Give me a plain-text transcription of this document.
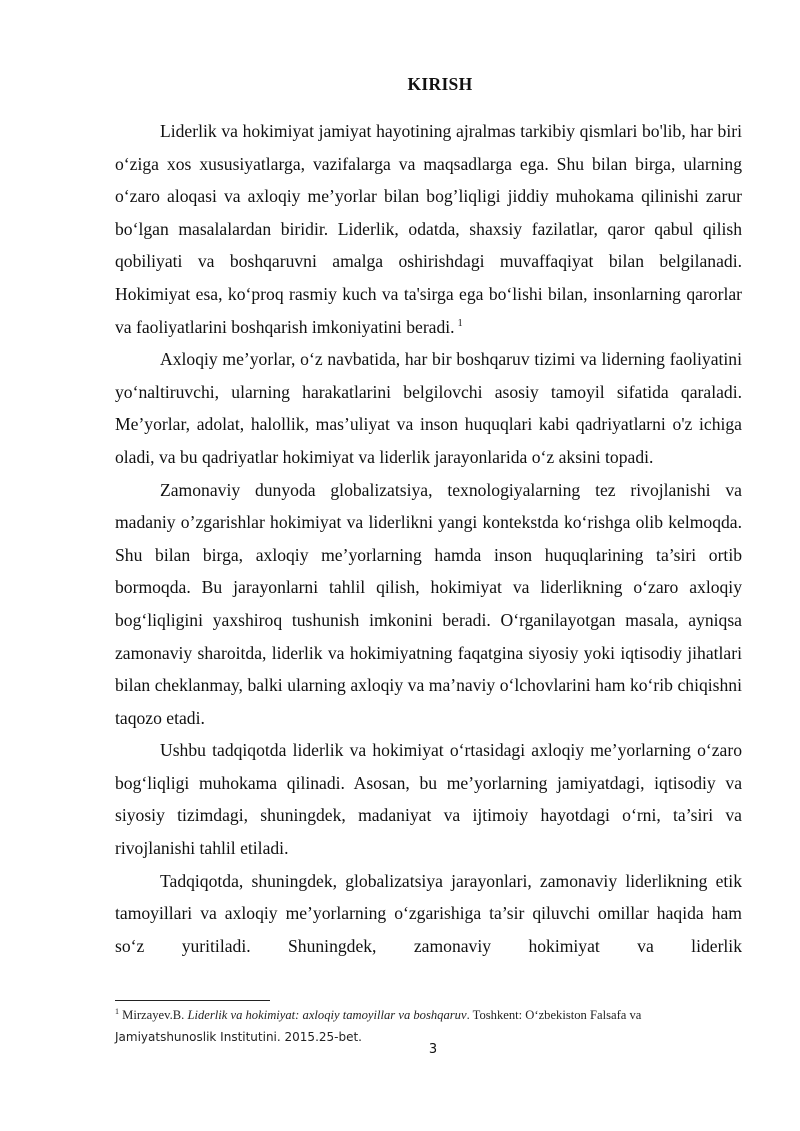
KIRISH

Liderlik va hokimiyat jamiyat hayotining ajralmas tarkibiy qismlari bo'lib, har biri o‘ziga xos xususiyatlarga, vazifalarga va maqsadlarga ega. Shu bilan birga, ularning o‘zaro aloqasi va axloqiy me’yorlar bilan bog’liqligi jiddiy muhokama qilinishi zarur bo‘lgan masalalardan biridir. Liderlik, odatda, shaxsiy fazilatlar, qaror qabul qilish qobiliyati va boshqaruvni amalga oshirishdagi muvaffaqiyat bilan belgilanadi. Hokimiyat esa, ko‘proq rasmiy kuch va ta'sirga ega bo‘lishi bilan, insonlarning qarorlar va faoliyatlarini boshqarish imkoniyatini beradi. $^1$

Axloqiy me’yorlar, o‘z navbatida, har bir boshqaruv tizimi va liderning faoliyatini yo‘naltiruvchi, ularning harakatlarini belgilovchi asosiy tamoyil sifatida qaraladi. Me’yorlar, adolat, halollik, mas’uliyat va inson huquqlari kabi qadriyatlarni o'z ichiga oladi, va bu qadriyatlar hokimiyat va liderlik jarayonlarida o‘z aksini topadi.

Zamonaviy dunyoda globalizatsiya, texnologiyalarning tez rivojlanishi va madaniy o’zgarishlar hokimiyat va liderlikni yangi kontekstda ko‘rishga olib kelmoqda. Shu bilan birga, axloqiy me’yorlarning hamda inson huquqlarining ta’siri ortib bormoqda. Bu jarayonlarni tahlil qilish, hokimiyat va liderlikning o‘zaro axloqiy bog‘liqligini yaxshiroq tushunish imkonini beradi. O‘rganilayotgan masala, ayniqsa zamonaviy sharoitda, liderlik va hokimiyatning faqatgina siyosiy yoki iqtisodiy jihatlari bilan cheklanmay, balki ularning axloqiy va ma’naviy o‘lchovlarini ham ko‘rib chiqishni taqozo etadi.

Ushbu tadqiqotda liderlik va hokimiyat o‘rtasidagi axloqiy me’yorlarning o‘zaro bog‘liqligi muhokama qilinadi. Asosan, bu me’yorlarning jamiyatdagi, iqtisodiy va siyosiy tizimdagi, shuningdek, madaniyat va ijtimoiy hayotdagi o‘rni, ta’siri va rivojlanishi tahlil etiladi.

Tadqiqotda, shuningdek, globalizatsiya jarayonlari, zamonaviy liderlikning etik tamoyillari va axloqiy me’yorlarning o‘zgarishiga ta’sir qiluvchi omillar haqida ham so‘z yuritiladi. Shuningdek, zamonaviy hokimiyat va liderlik

$^1$ Mirzayev.B. Liderlik va hokimiyat: axloqiy tamoyillar va boshqaruv. Toshkent: O‘zbekiston Falsafa va
Jamiyatshunoslik Institutini. 2015.25-bet.
3
